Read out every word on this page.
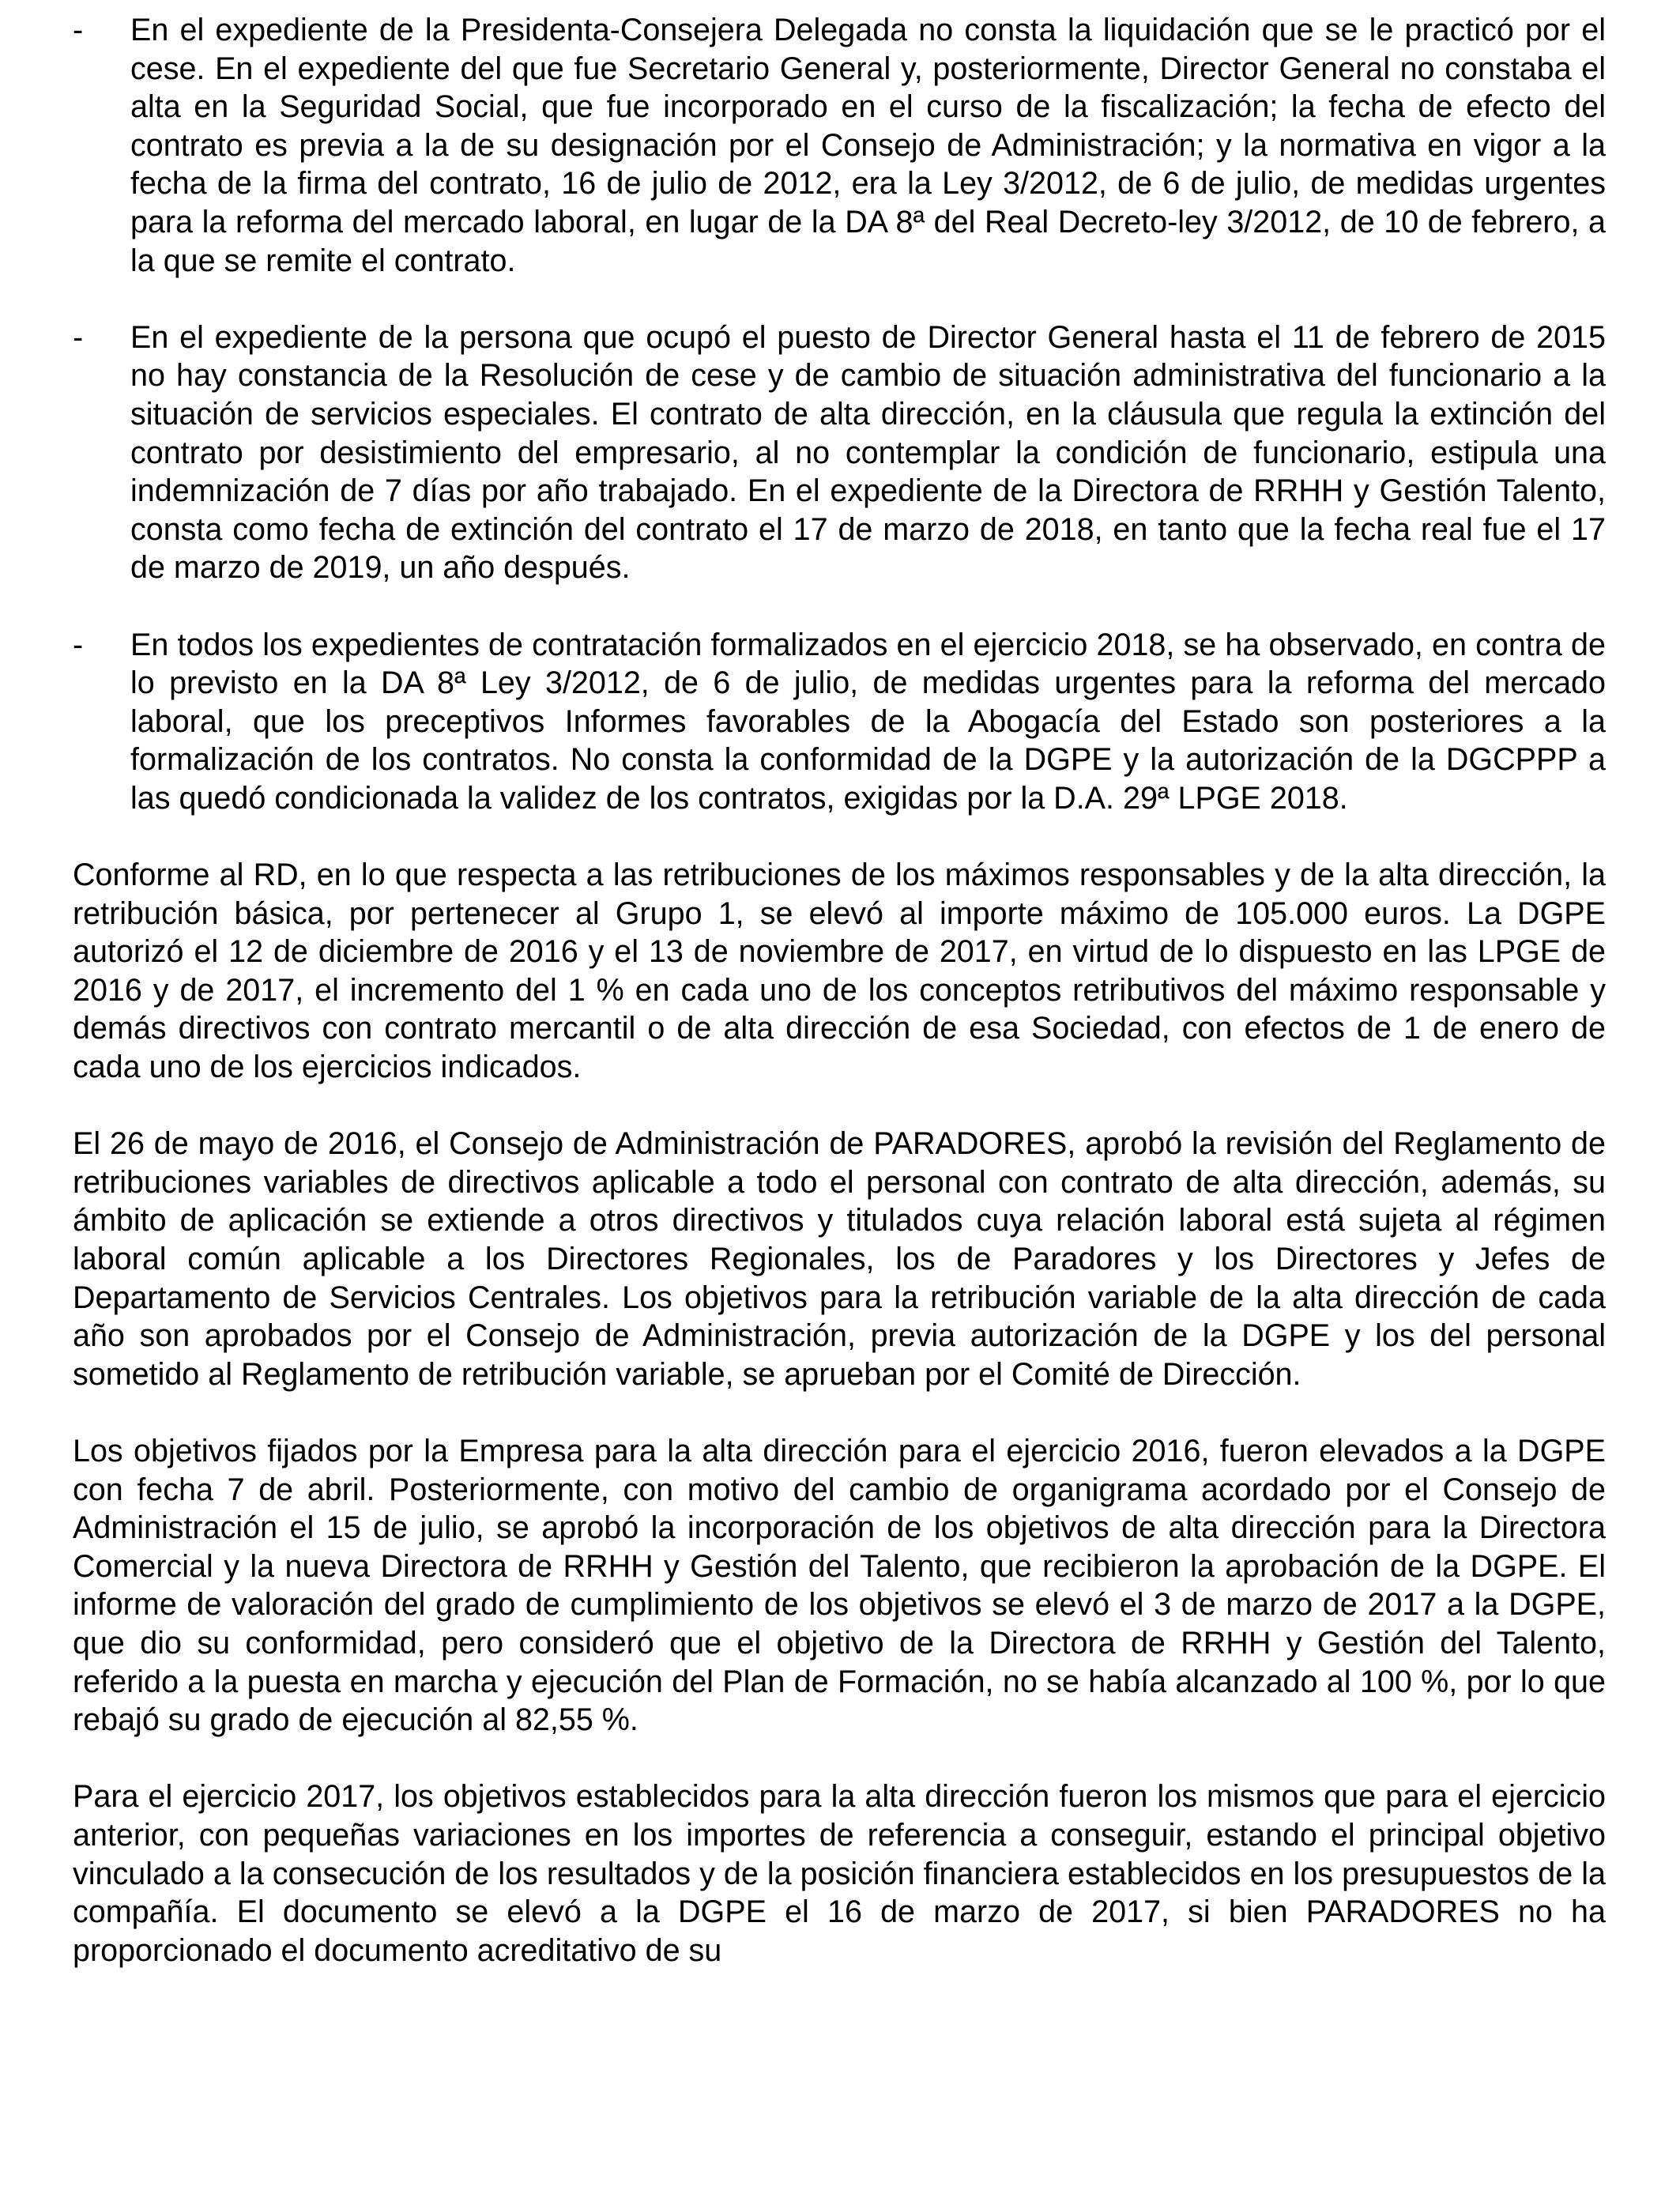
- En el expediente de la Presidenta-Consejera Delegada no consta la liquidación que se le practicó por el cese. En el expediente del que fue Secretario General y, posteriormente, Director General no constaba el alta en la Seguridad Social, que fue incorporado en el curso de la fiscalización; la fecha de efecto del contrato es previa a la de su designación por el Consejo de Administración; y la normativa en vigor a la fecha de la firma del contrato, 16 de julio de 2012, era la Ley 3/2012, de 6 de julio, de medidas urgentes para la reforma del mercado laboral, en lugar de la DA 8ª del Real Decreto-ley 3/2012, de 10 de febrero, a la que se remite el contrato.
- En el expediente de la persona que ocupó el puesto de Director General hasta el 11 de febrero de 2015 no hay constancia de la Resolución de cese y de cambio de situación administrativa del funcionario a la situación de servicios especiales. El contrato de alta dirección, en la cláusula que regula la extinción del contrato por desistimiento del empresario, al no contemplar la condición de funcionario, estipula una indemnización de 7 días por año trabajado. En el expediente de la Directora de RRHH y Gestión Talento, consta como fecha de extinción del contrato el 17 de marzo de 2018, en tanto que la fecha real fue el 17 de marzo de 2019, un año después.
- En todos los expedientes de contratación formalizados en el ejercicio 2018, se ha observado, en contra de lo previsto en la DA 8ª Ley 3/2012, de 6 de julio, de medidas urgentes para la reforma del mercado laboral, que los preceptivos Informes favorables de la Abogacía del Estado son posteriores a la formalización de los contratos. No consta la conformidad de la DGPE y la autorización de la DGCPPP a las quedó condicionada la validez de los contratos, exigidas por la D.A. 29ª LPGE 2018.

Conforme al RD, en lo que respecta a las retribuciones de los máximos responsables y de la alta dirección, la retribución básica, por pertenecer al Grupo 1, se elevó al importe máximo de 105.000 euros. La DGPE autorizó el 12 de diciembre de 2016 y el 13 de noviembre de 2017, en virtud de lo dispuesto en las LPGE de 2016 y de 2017, el incremento del 1 % en cada uno de los conceptos retributivos del máximo responsable y demás directivos con contrato mercantil o de alta dirección de esa Sociedad, con efectos de 1 de enero de cada uno de los ejercicios indicados.

El 26 de mayo de 2016, el Consejo de Administración de PARADORES, aprobó la revisión del Reglamento de retribuciones variables de directivos aplicable a todo el personal con contrato de alta dirección, además, su ámbito de aplicación se extiende a otros directivos y titulados cuya relación laboral está sujeta al régimen laboral común aplicable a los Directores Regionales, los de Paradores y los Directores y Jefes de Departamento de Servicios Centrales. Los objetivos para la retribución variable de la alta dirección de cada año son aprobados por el Consejo de Administración, previa autorización de la DGPE y los del personal sometido al Reglamento de retribución variable, se aprueban por el Comité de Dirección.

Los objetivos fijados por la Empresa para la alta dirección para el ejercicio 2016, fueron elevados a la DGPE con fecha 7 de abril. Posteriormente, con motivo del cambio de organigrama acordado por el Consejo de Administración el 15 de julio, se aprobó la incorporación de los objetivos de alta dirección para la Directora Comercial y la nueva Directora de RRHH y Gestión del Talento, que recibieron la aprobación de la DGPE. El informe de valoración del grado de cumplimiento de los objetivos se elevó el 3 de marzo de 2017 a la DGPE, que dio su conformidad, pero consideró que el objetivo de la Directora de RRHH y Gestión del Talento, referido a la puesta en marcha y ejecución del Plan de Formación, no se había alcanzado al 100 %, por lo que rebajó su grado de ejecución al 82,55 %.

Para el ejercicio 2017, los objetivos establecidos para la alta dirección fueron los mismos que para el ejercicio anterior, con pequeñas variaciones en los importes de referencia a conseguir, estando el principal objetivo vinculado a la consecución de los resultados y de la posición financiera establecidos en los presupuestos de la compañía. El documento se elevó a la DGPE el 16 de marzo de 2017, si bien PARADORES no ha proporcionado el documento acreditativo de su
